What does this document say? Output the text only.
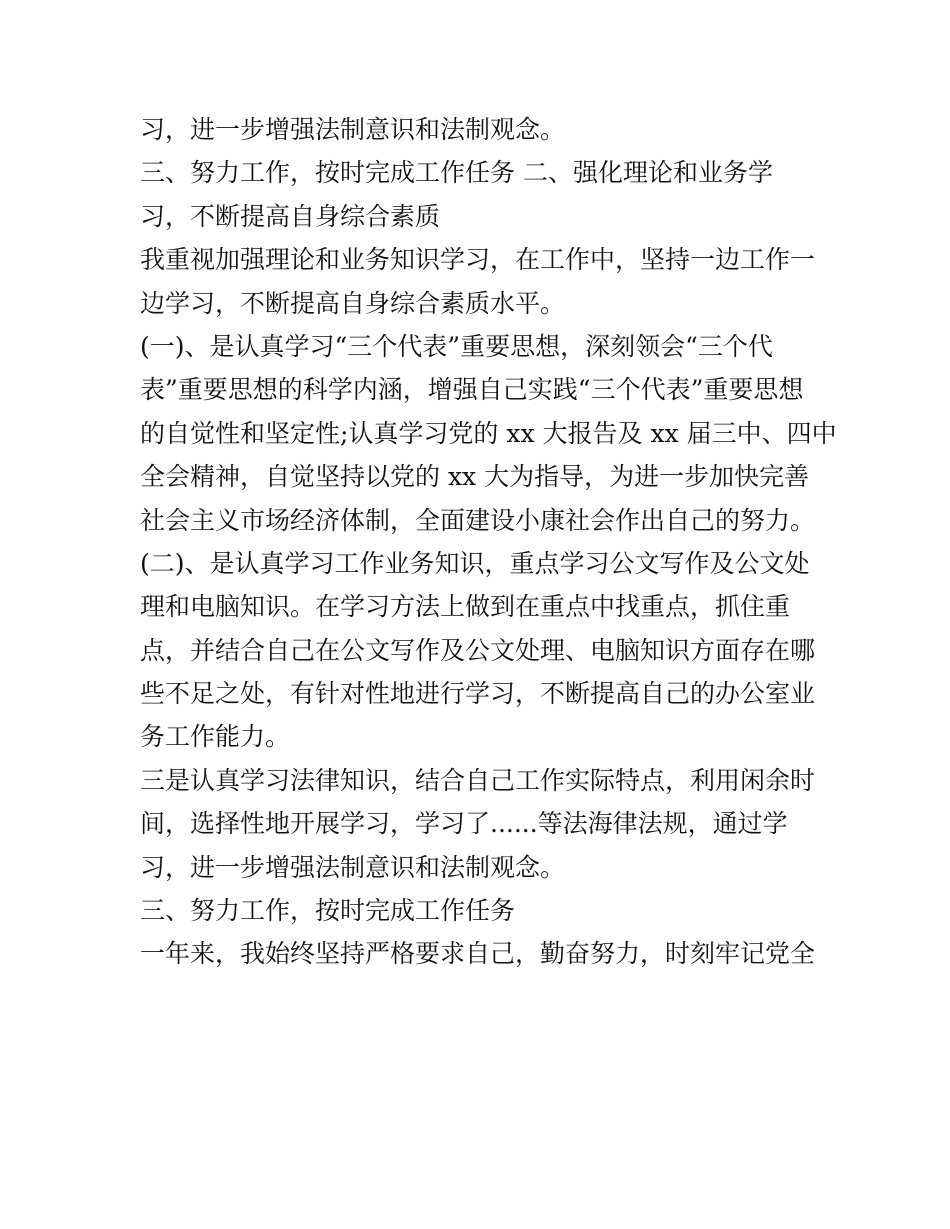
习，进一步增强法制意识和法制观念。
三、努力工作，按时完成工作任务 二、强化理论和业务学
习，不断提高自身综合素质
我重视加强理论和业务知识学习，在工作中，坚持一边工作一
边学习，不断提高自身综合素质水平。
(一)、是认真学习“三个代表”重要思想，深刻领会“三个代
表”重要思想的科学内涵，增强自己实践“三个代表”重要思想
的自觉性和坚定性;认真学习党的 xx 大报告及 xx 届三中、四中
全会精神，自觉坚持以党的 xx 大为指导，为进一步加快完善
社会主义市场经济体制，全面建设小康社会作出自己的努力。
(二)、是认真学习工作业务知识，重点学习公文写作及公文处
理和电脑知识。在学习方法上做到在重点中找重点，抓住重
点，并结合自己在公文写作及公文处理、电脑知识方面存在哪
些不足之处，有针对性地进行学习，不断提高自己的办公室业
务工作能力。
三是认真学习法律知识，结合自己工作实际特点，利用闲余时
间，选择性地开展学习，学习了......等法海律法规，通过学
习，进一步增强法制意识和法制观念。
三、努力工作，按时完成工作任务
一年来，我始终坚持严格要求自己，勤奋努力，时刻牢记党全
